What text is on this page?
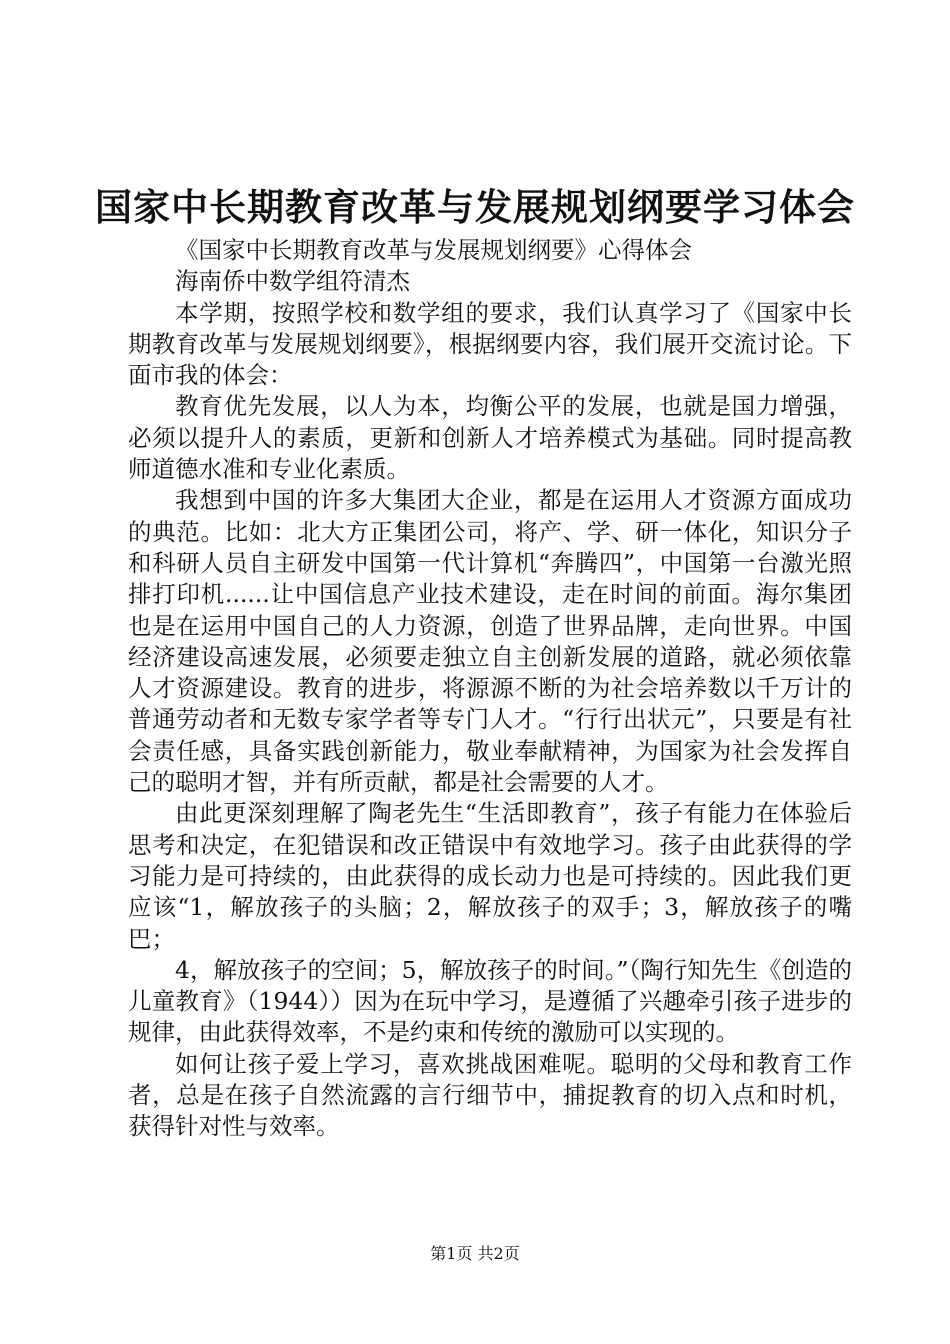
国家中长期教育改革与发展规划纲要学习体会

《国家中长期教育改革与发展规划纲要》心得体会

海南侨中数学组符清杰

本学期，按照学校和数学组的要求，我们认真学习了《国家中长期教育改革与发展规划纲要》，根据纲要内容，我们展开交流讨论。下面市我的体会：

教育优先发展，以人为本，均衡公平的发展，也就是国力增强，必须以提升人的素质，更新和创新人才培养模式为基础。同时提高教师道德水准和专业化素质。

我想到中国的许多大集团大企业，都是在运用人才资源方面成功的典范。比如：北大方正集团公司，将产、学、研一体化，知识分子和科研人员自主研发中国第一代计算机“奔腾四”，中国第一台激光照排打印机......让中国信息产业技术建设，走在时间的前面。海尔集团也是在运用中国自己的人力资源，创造了世界品牌，走向世界。中国经济建设高速发展，必须要走独立自主创新发展的道路，就必须依靠人才资源建设。教育的进步，将源源不断的为社会培养数以千万计的普通劳动者和无数专家学者等专门人才。“行行出状元”，只要是有社会责任感，具备实践创新能力，敬业奉献精神，为国家为社会发挥自己的聪明才智，并有所贡献，都是社会需要的人才。

由此更深刻理解了陶老先生“生活即教育”，孩子有能力在体验后思考和决定，在犯错误和改正错误中有效地学习。孩子由此获得的学习能力是可持续的，由此获得的成长动力也是可持续的。因此我们更应该“1，解放孩子的头脑；2，解放孩子的双手；3，解放孩子的嘴巴；

4，解放孩子的空间；5，解放孩子的时间。”（陶行知先生《创造的儿童教育》（1944））因为在玩中学习，是遵循了兴趣牵引孩子进步的规律，由此获得效率，不是约束和传统的激励可以实现的。

如何让孩子爱上学习，喜欢挑战困难呢。聪明的父母和教育工作者，总是在孩子自然流露的言行细节中，捕捉教育的切入点和时机，获得针对性与效率。

第1页 共2页
